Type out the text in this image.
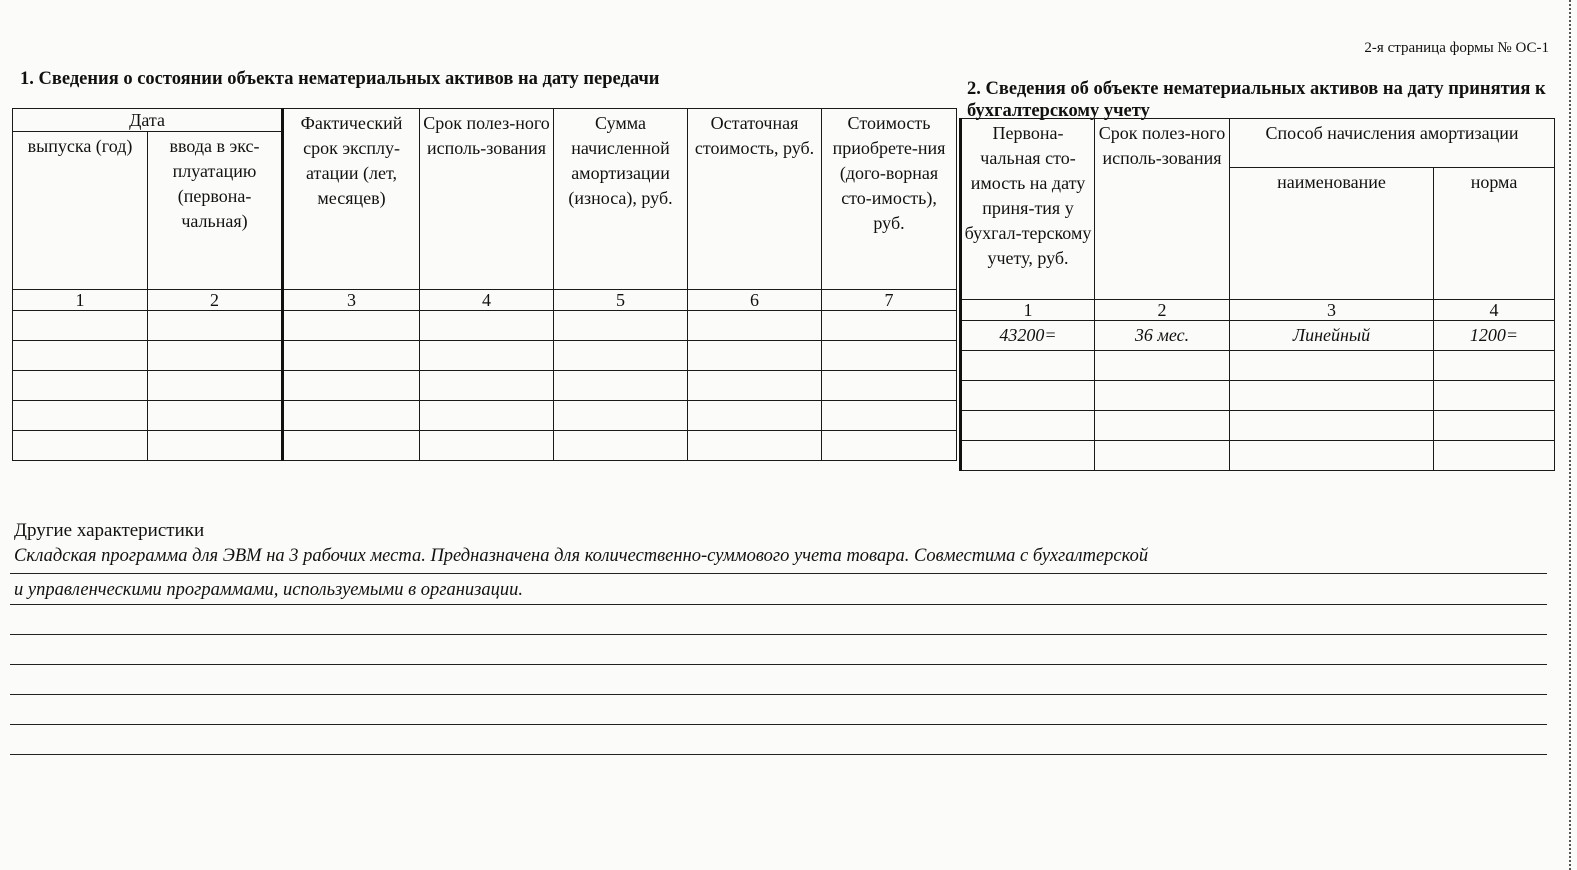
2-я страница формы № ОС-1
1. Сведения о состоянии объекта нематериальных активов на дату передачи	2. Сведения об объекте нематериальных активов на дату принятия к бухгалтерскому учету
Дата		Фактический срок эксплу-атации (лет, месяцев)	Срок полез-ного исполь-зования	Сумма начисленной амортизации (износа), руб.	Остаточная стоимость, руб.	Стоимость приобрете-ния (дого-ворная сто-имость), руб.
выпуска (год)	ввода в экс-плуатацию (первона-чальная)					
1	2	3	4	5	6	7

Первона-чальная сто-имость на дату приня-тия у бухгал-терскому учету, руб.	Срок полез-ного исполь-зования	Способ начисления амортизации	
		наименование	норма
1	2	3	4
43200=	36 мес.	Линейный	1200=

Другие характеристики
Складская программа для ЭВМ на 3 рабочих места. Предназначена для количественно-суммового учета товара. Совместима с бухгалтерской
и управленческими программами, используемыми в организации.
